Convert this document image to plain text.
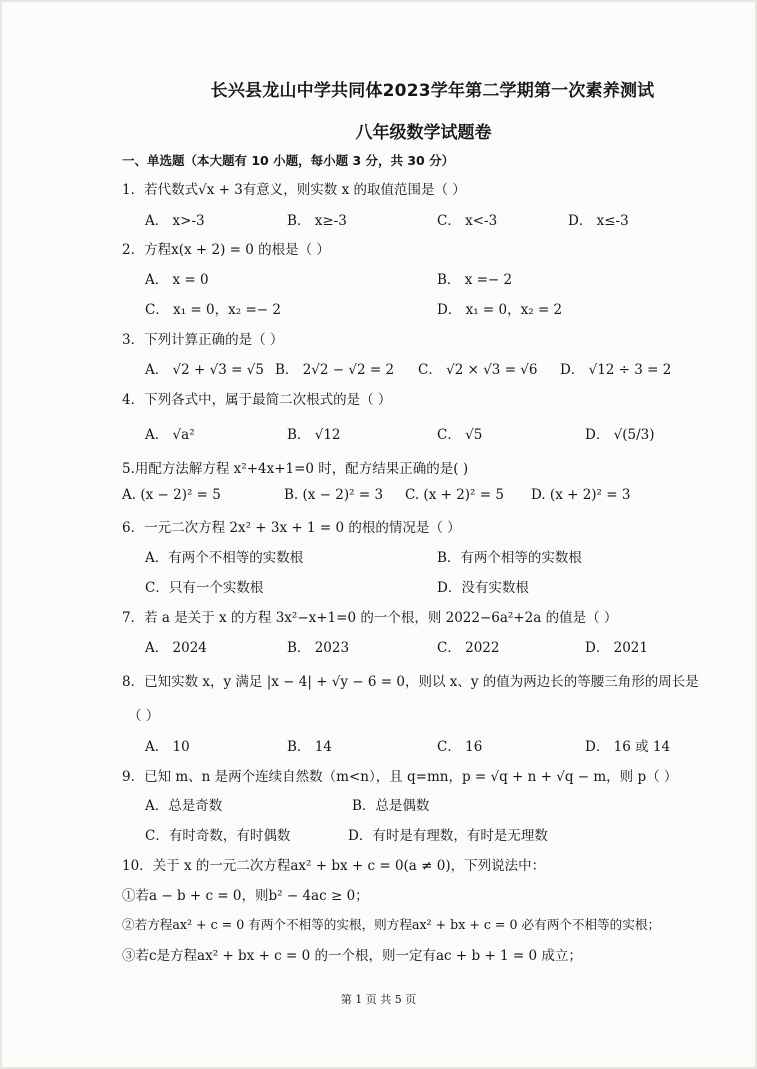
长兴县龙山中学共同体2023学年第二学期第一次素养测试
八年级数学试题卷
一、单选题（本大题有 10 小题，每小题 3 分，共 30 分）
1．若代数式√x + 3有意义，则实数 x 的取值范围是（ ）
A． x>-3	B． x≥-3	C． x<-3	D． x≤-3
2．方程x(x + 2) = 0 的根是（ ）
A． x = 0	B． x =− 2
C． x₁ = 0，x₂ =− 2	D． x₁ = 0，x₂ = 2
3．下列计算正确的是（ ）
A． √2 + √3 = √5 B． 2√2 − √2 = 2 C． √2 × √3 = √6 D． √12 ÷ 3 = 2
4．下列各式中，属于最简二次根式的是（ ）
A． √a²	B． √12	C． √5	D． √(5/3)
5.用配方法解方程 x²+4x+1=0 时，配方结果正确的是( )
A. (x − 2)² = 5	B. (x − 2)² = 3 C. (x + 2)² = 5 D. (x + 2)² = 3
6．一元二次方程 2x² + 3x + 1 = 0 的根的情况是（ ）
A．有两个不相等的实数根	B．有两个相等的实数根
C．只有一个实数根	D．没有实数根
7．若 a 是关于 x 的方程 3x²−x+1=0 的一个根，则 2022−6a²+2a 的值是（ ）
A． 2024	B． 2023	C． 2022	D． 2021
8．已知实数 x，y 满足 |x − 4| + √y − 6 = 0，则以 x、y 的值为两边长的等腰三角形的周长是
（ ）
A． 10	B． 14	C． 16	D． 16 或 14
9．已知 m、n 是两个连续自然数（m<n），且 q=mn，p = √q + n + √q − m，则 p（ ）
A．总是奇数	B．总是偶数
C．有时奇数，有时偶数	D．有时是有理数，有时是无理数
10．关于 x 的一元二次方程ax² + bx + c = 0(a ≠ 0)，下列说法中：
①若a − b + c = 0，则b² − 4ac ≥ 0；
②若方程ax² + c = 0 有两个不相等的实根，则方程ax² + bx + c = 0 必有两个不相等的实根；
③若c是方程ax² + bx + c = 0 的一个根，则一定有ac + b + 1 = 0 成立；
第 1 页 共 5 页
